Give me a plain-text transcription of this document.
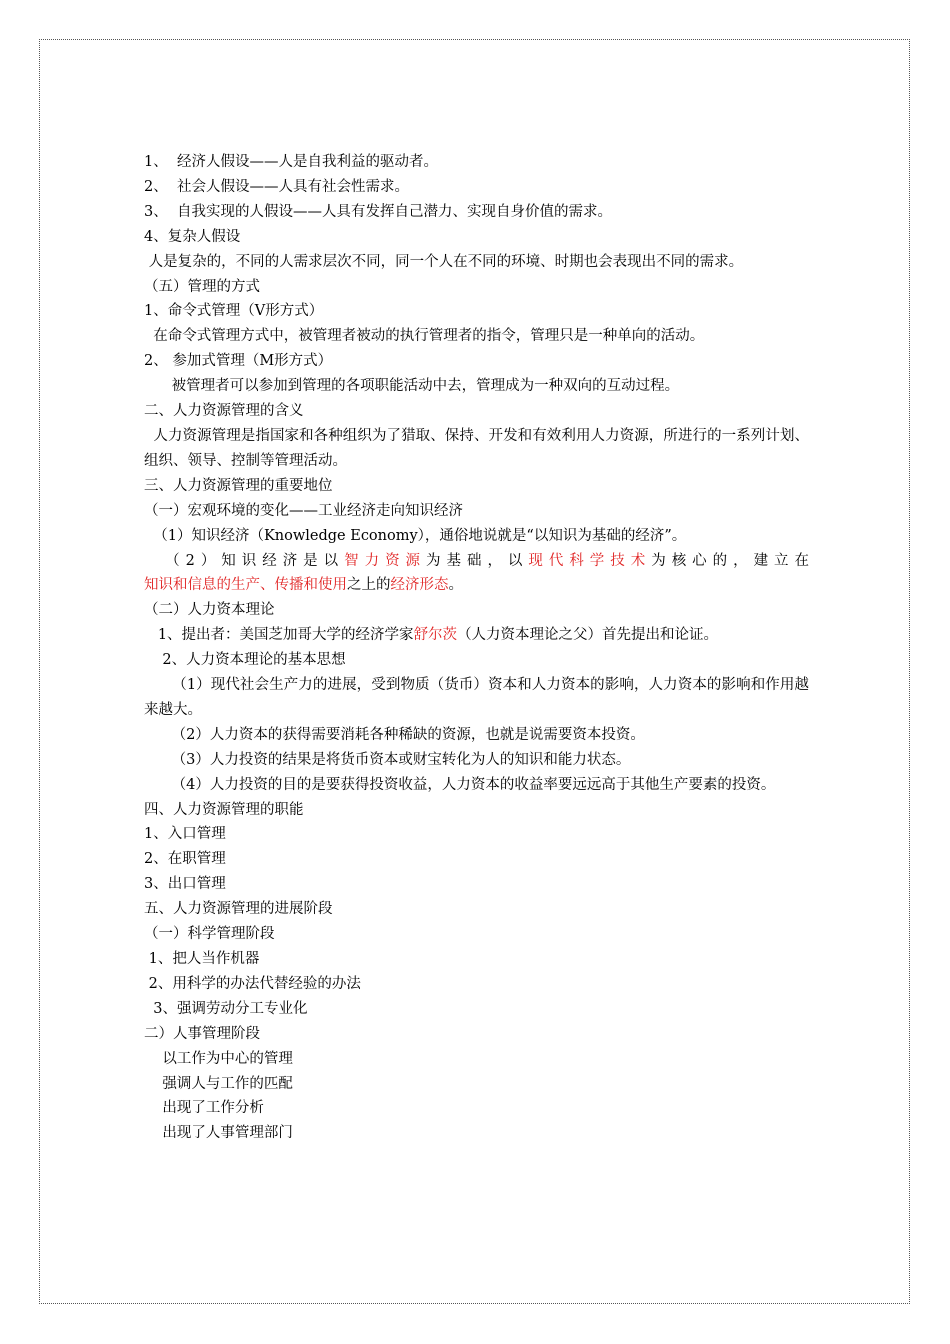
1、  经济人假设——人是自我利益的驱动者。
2、  社会人假设——人具有社会性需求。
3、  自我实现的人假设——人具有发挥自己潜力、实现自身价值的需求。
4、复杂人假设
人是复杂的，不同的人需求层次不同，同一个人在不同的环境、时期也会表现出不同的需求。
（五）管理的方式
1、命令式管理（V形方式）
在命令式管理方式中，被管理者被动的执行管理者的指令，管理只是一种单向的活动。
2、 参加式管理（M形方式）
被管理者可以参加到管理的各项职能活动中去，管理成为一种双向的互动过程。
二、人力资源管理的含义
人力资源管理是指国家和各种组织为了猎取、保持、开发和有效利用人力资源，所进行的一系列计划、组织、领导、控制等管理活动。
三、人力资源管理的重要地位
（一）宏观环境的变化——工业经济走向知识经济
（1）知识经济（Knowledge Economy），通俗地说就是“以知识为基础的经济”。
（2）知识经济是以智力资源为基础，以现代科学技术为核心的，建立在知识和信息的生产、传播和使用之上的经济形态。
（二）人力资本理论
1、提出者：美国芝加哥大学的经济学家舒尔茨（人力资本理论之父）首先提出和论证。
2、人力资本理论的基本思想
（1）现代社会生产力的进展，受到物质（货币）资本和人力资本的影响，人力资本的影响和作用越来越大。
（2）人力资本的获得需要消耗各种稀缺的资源，也就是说需要资本投资。
（3）人力投资的结果是将货币资本或财宝转化为人的知识和能力状态。
（4）人力投资的目的是要获得投资收益，人力资本的收益率要远远高于其他生产要素的投资。
四、人力资源管理的职能
1、入口管理
2、在职管理
3、出口管理
五、人力资源管理的进展阶段
（一）科学管理阶段
1、把人当作机器
2、用科学的办法代替经验的办法
3、强调劳动分工专业化
二）人事管理阶段
以工作为中心的管理
强调人与工作的匹配
出现了工作分析
出现了人事管理部门
